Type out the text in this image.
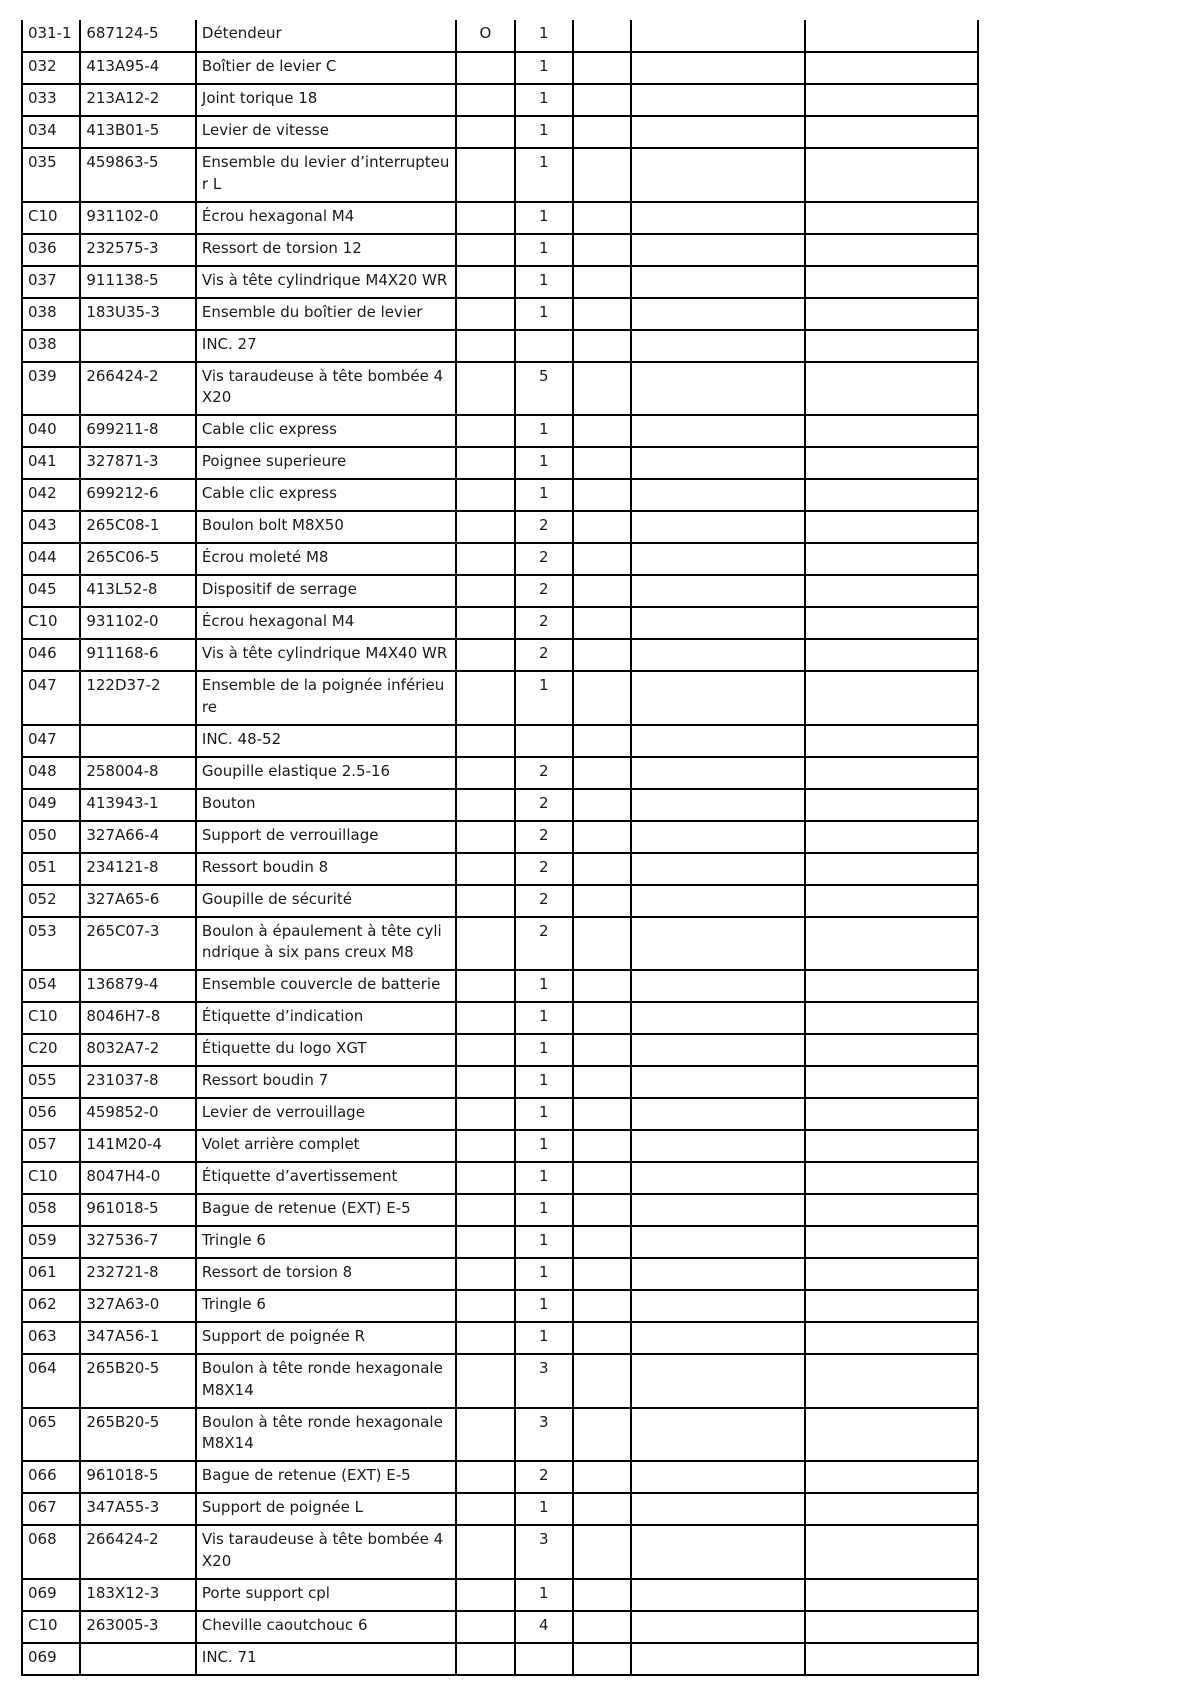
031-1	687124-5	Détendeur	O	1			
032	413A95-4	Boîtier de levier C		1			
033	213A12-2	Joint torique 18		1			
034	413B01-5	Levier de vitesse		1			
035	459863-5	Ensemble du levier d’interrupteur L		1			
C10	931102-0	Écrou hexagonal M4		1			
036	232575-3	Ressort de torsion 12		1			
037	911138-5	Vis à tête cylindrique M4X20 WR		1			
038	183U35-3	Ensemble du boîtier de levier		1			
038		INC. 27					
039	266424-2	Vis taraudeuse à tête bombée 4X20		5			
040	699211-8	Cable clic express		1			
041	327871-3	Poignee superieure		1			
042	699212-6	Cable clic express		1			
043	265C08-1	Boulon bolt M8X50		2			
044	265C06-5	Écrou moleté M8		2			
045	413L52-8	Dispositif de serrage		2			
C10	931102-0	Écrou hexagonal M4		2			
046	911168-6	Vis à tête cylindrique M4X40 WR		2			
047	122D37-2	Ensemble de la poignée inférieure		1			
047		INC. 48-52					
048	258004-8	Goupille elastique 2.5-16		2			
049	413943-1	Bouton		2			
050	327A66-4	Support de verrouillage		2			
051	234121-8	Ressort boudin 8		2			
052	327A65-6	Goupille de sécurité		2			
053	265C07-3	Boulon à épaulement à tête cylindrique à six pans creux M8		2			
054	136879-4	Ensemble couvercle de batterie		1			
C10	8046H7-8	Étiquette d’indication		1			
C20	8032A7-2	Étiquette du logo XGT		1			
055	231037-8	Ressort boudin 7		1			
056	459852-0	Levier de verrouillage		1			
057	141M20-4	Volet arrière complet		1			
C10	8047H4-0	Étiquette d’avertissement		1			
058	961018-5	Bague de retenue (EXT) E-5		1			
059	327536-7	Tringle 6		1			
061	232721-8	Ressort de torsion 8		1			
062	327A63-0	Tringle 6		1			
063	347A56-1	Support de poignée R		1			
064	265B20-5	Boulon à tête ronde hexagonale M8X14		3			
065	265B20-5	Boulon à tête ronde hexagonale M8X14		3			
066	961018-5	Bague de retenue (EXT) E-5		2			
067	347A55-3	Support de poignée L		1			
068	266424-2	Vis taraudeuse à tête bombée 4X20		3			
069	183X12-3	Porte support cpl		1			
C10	263005-3	Cheville caoutchouc 6		4			
069		INC. 71					
